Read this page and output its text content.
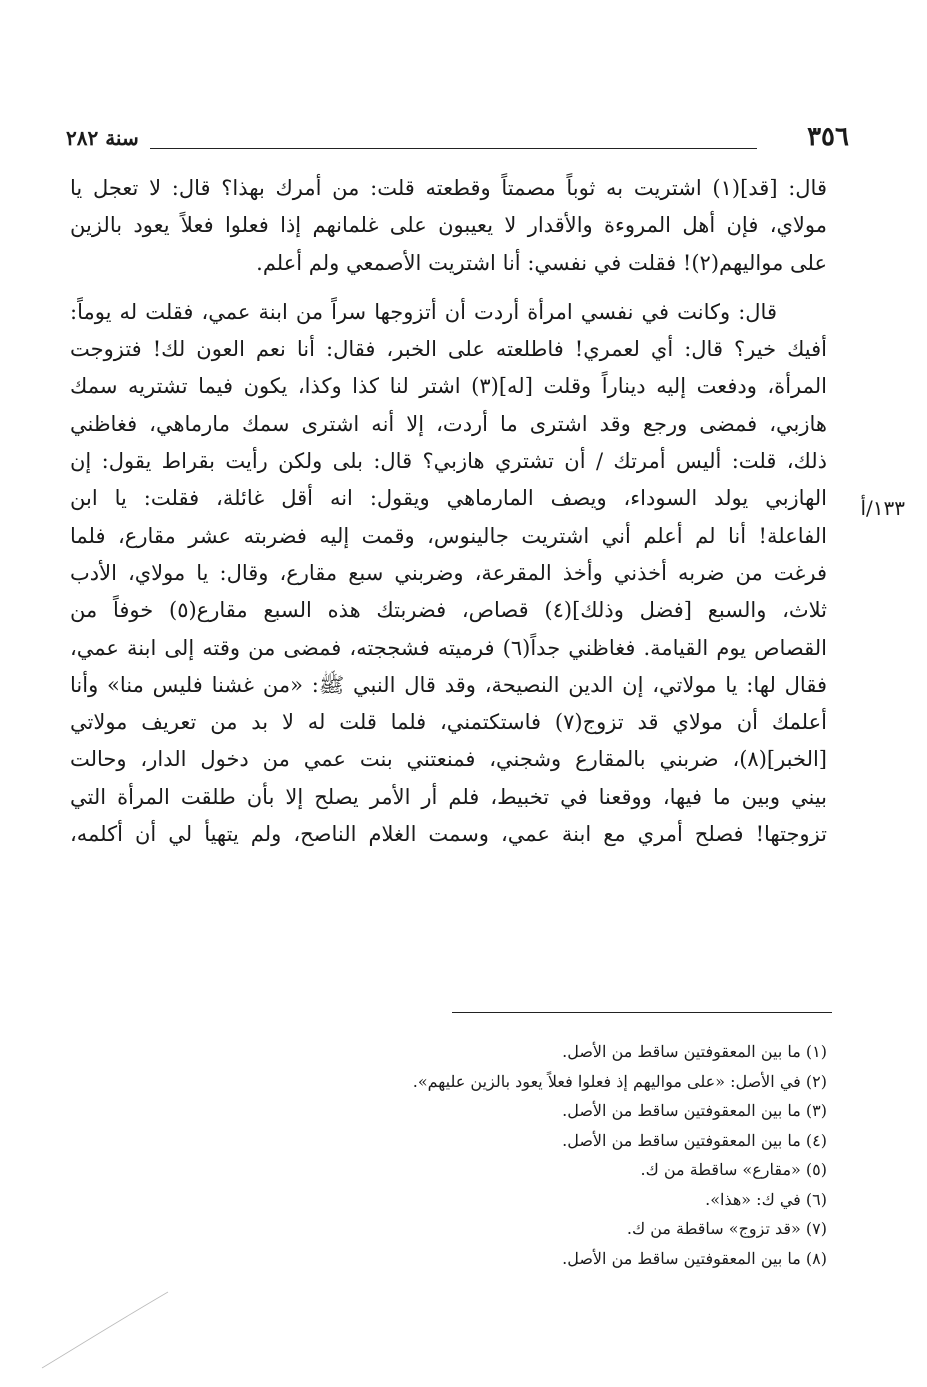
٣٥٦
سنة ٢٨٢
١٣٣/أ

قال: [قد](١) اشتريت به ثوباً مصمتاً وقطعته قلت: من أمرك بهذا؟ قال: لا تعجل يا
مولاي، فإن أهل المروءة والأقدار لا يعيبون على غلمانهم إذا فعلوا فعلاً يعود بالزين
على مواليهم(٢)! فقلت في نفسي: أنا اشتريت الأصمعي ولم أعلم.

قال: وكانت في نفسي امرأة أردت أن أتزوجها سراً من ابنة عمي، فقلت له يوماً:
أفيك خير؟ قال: أي لعمري! فاطلعته على الخبر، فقال: أنا نعم العون لك! فتزوجت
المرأة، ودفعت إليه ديناراً وقلت [له](٣) اشتر لنا كذا وكذا، يكون فيما تشتريه سمك
هازبي، فمضى ورجع وقد اشترى ما أردت، إلا أنه اشترى سمك مارماهي، فغاظني
ذلك، قلت: أليس أمرتك / أن تشتري هازبي؟ قال: بلى ولكن رأيت بقراط يقول: إن
الهازبي يولد السوداء، ويصف المارماهي ويقول: انه أقل غائلة، فقلت: يا ابن
الفاعلة! أنا لم أعلم أني اشتريت جالينوس، وقمت إليه فضربته عشر مقارع، فلما
فرغت من ضربه أخذني وأخذ المقرعة، وضربني سبع مقارع، وقال: يا مولاي، الأدب
ثلاث، والسبع [فضل وذلك](٤) قصاص، فضربتك هذه السبع مقارع(٥) خوفاً من
القصاص يوم القيامة. فغاظني جداً(٦) فرميته فشججته، فمضى من وقته إلى ابنة عمي،
فقال لها: يا مولاتي، إن الدين النصيحة، وقد قال النبي ﷺ: «من غشنا فليس منا» وأنا
أعلمك أن مولاي قد تزوج(٧) فاستكتمني، فلما قلت له لا بد من تعريف مولاتي
[الخبر](٨)، ضربني بالمقارع وشجني، فمنعتني بنت عمي من دخول الدار، وحالت
بيني وبين ما فيها، ووقعنا في تخبيط، فلم أر الأمر يصلح إلا بأن طلقت المرأة التي
تزوجتها! فصلح أمري مع ابنة عمي، وسمت الغلام الناصح، ولم يتهيأ لي أن أكلمه،

(١) ما بين المعقوفتين ساقط من الأصل.
(٢) في الأصل: «على مواليهم إذ فعلوا فعلاً يعود بالزين عليهم».
(٣) ما بين المعقوفتين ساقط من الأصل.
(٤) ما بين المعقوفتين ساقط من الأصل.
(٥) «مقارع» ساقطة من ك.
(٦) في ك: «هذا».
(٧) «قد تزوج» ساقطة من ك.
(٨) ما بين المعقوفتين ساقط من الأصل.
